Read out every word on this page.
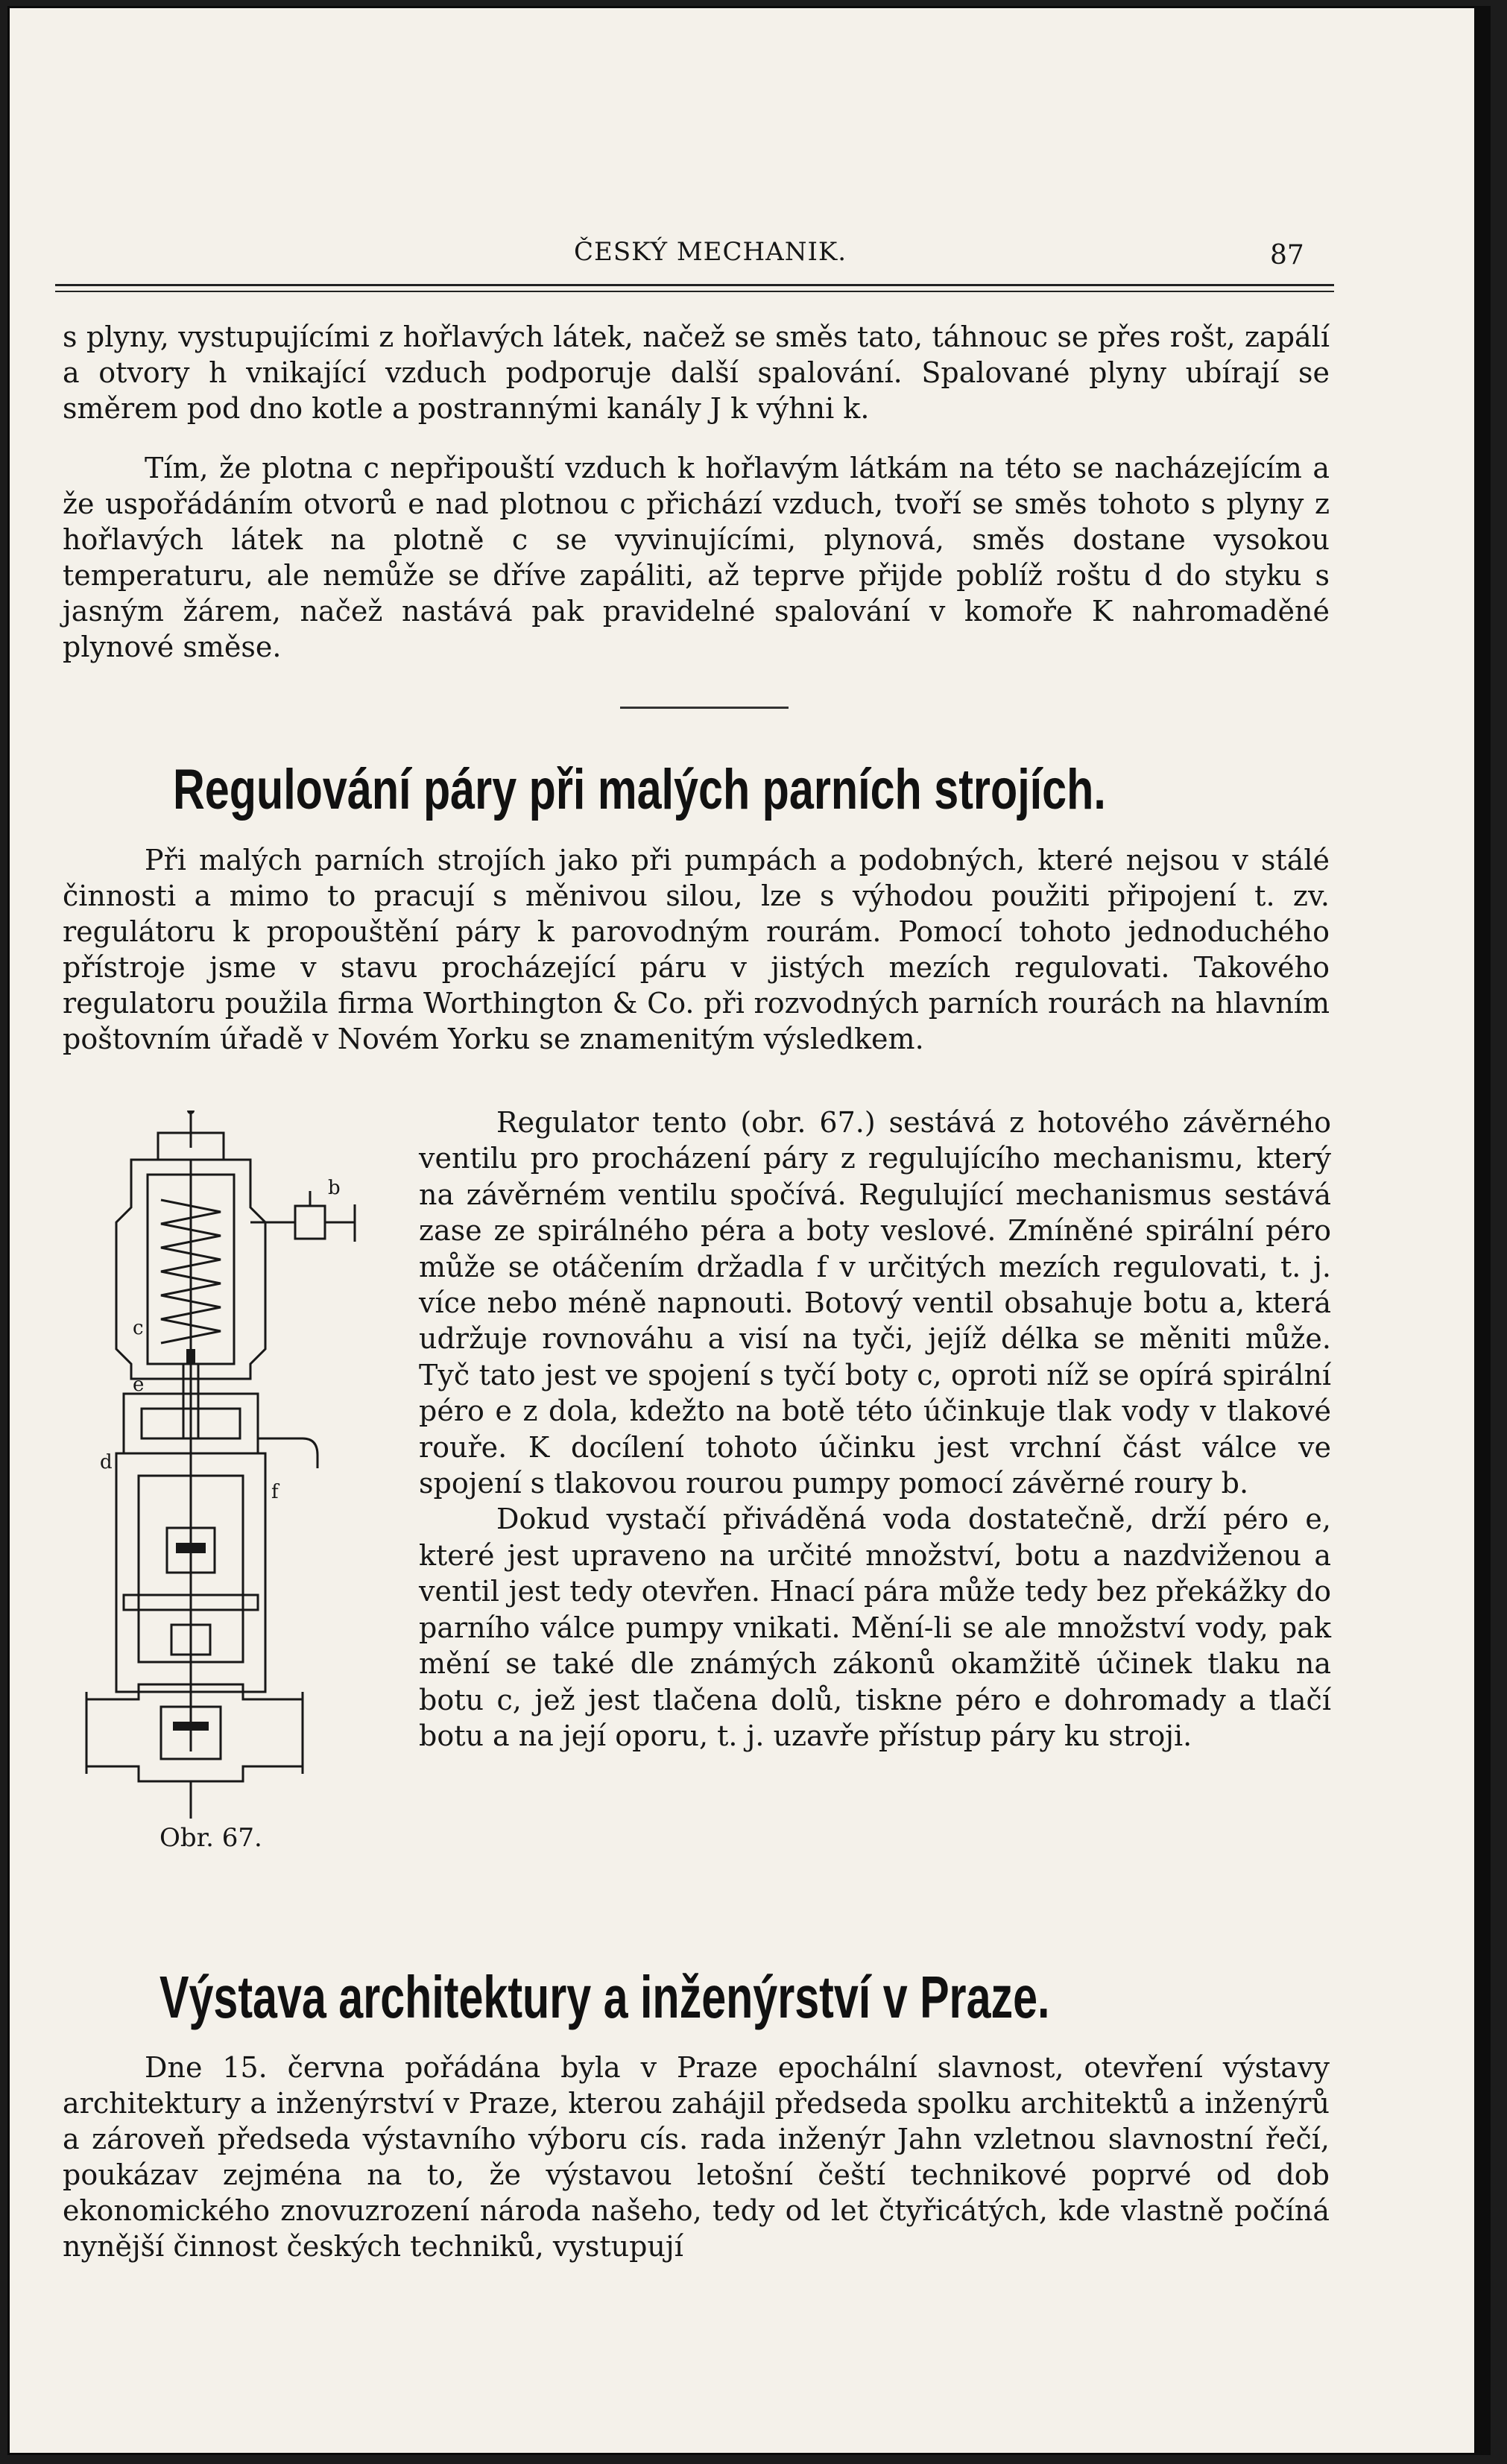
ČESKÝ MECHANIK.	87

s plyny, vystupujícími z hořlavých látek, načež se směs tato, táhnouc se přes rošt, zapálí a otvory h vnikající vzduch podporuje další spalování. Spalované plyny ubírají se směrem pod dno kotle a postrannými kanály J k výhni k.

Tím, že plotna c nepřipouští vzduch k hořlavým látkám na této se nacházejícím a že uspořádáním otvorů e nad plotnou c přichází vzduch, tvoří se směs tohoto s plyny z hořlavých látek na plotně c se vyvinujícími, plynová, směs dostane vysokou temperaturu, ale nemůže se dříve zapáliti, až teprve přijde poblíž roštu d do styku s jasným žárem, načež nastává pak pravidelné spalování v komoře K nahromaděné plynové směse.

Regulování páry při malých parních strojích.

Při malých parních strojích jako při pumpách a podobných, které nejsou v stálé činnosti a mimo to pracují s měnivou silou, lze s výhodou použiti připojení t. zv. regulátoru k propouštění páry k parovodným rourám. Pomocí tohoto jednoduchého přístroje jsme v stavu procházející páru v jistých mezích regulovati. Takového regulatoru použila firma Worthington & Co. při rozvodných parních rourách na hlavním poštovním úřadě v Novém Yorku se znamenitým výsledkem.

b
c
e
f
d
Obr. 67.

Regulator tento (obr. 67.) sestává z hotového závěrného ventilu pro procházení páry z regulujícího mechanismu, který na závěrném ventilu spočívá. Regulující mechanismus sestává zase ze spirálného péra a boty veslové. Zmíněné spirální péro může se otáčením držadla f v určitých mezích regulovati, t. j. více nebo méně napnouti. Botový ventil obsahuje botu a, která udržuje rovnováhu a visí na tyči, jejíž délka se měniti může. Tyč tato jest ve spojení s tyčí boty c, oproti níž se opírá spirální péro e z dola, kdežto na botě této účinkuje tlak vody v tlakové rouře. K docílení tohoto účinku jest vrchní část válce ve spojení s tlakovou rourou pumpy pomocí závěrné roury b.

Dokud vystačí přiváděná voda dostatečně, drží péro e, které jest upraveno na určité množství, botu a nazdviženou a ventil jest tedy otevřen. Hnací pára může tedy bez překážky do parního válce pumpy vnikati. Mění-li se ale množství vody, pak mění se také dle známých zákonů okamžitě účinek tlaku na botu c, jež jest tlačena dolů, tiskne péro e dohromady a tlačí botu a na její oporu, t. j. uzavře přístup páry ku stroji.

Výstava architektury a inženýrství v Praze.

Dne 15. června pořádána byla v Praze epochální slavnost, otevření výstavy architektury a inženýrství v Praze, kterou zahájil předseda spolku architektů a inženýrů a zároveň předseda výstavního výboru cís. rada inženýr Jahn vzletnou slavnostní řečí, poukázav zejména na to, že výstavou letošní čeští technikové poprvé od dob ekonomického znovuzrození národa našeho, tedy od let čtyřicátých, kde vlastně počíná nynější činnost českých techniků, vystupují
